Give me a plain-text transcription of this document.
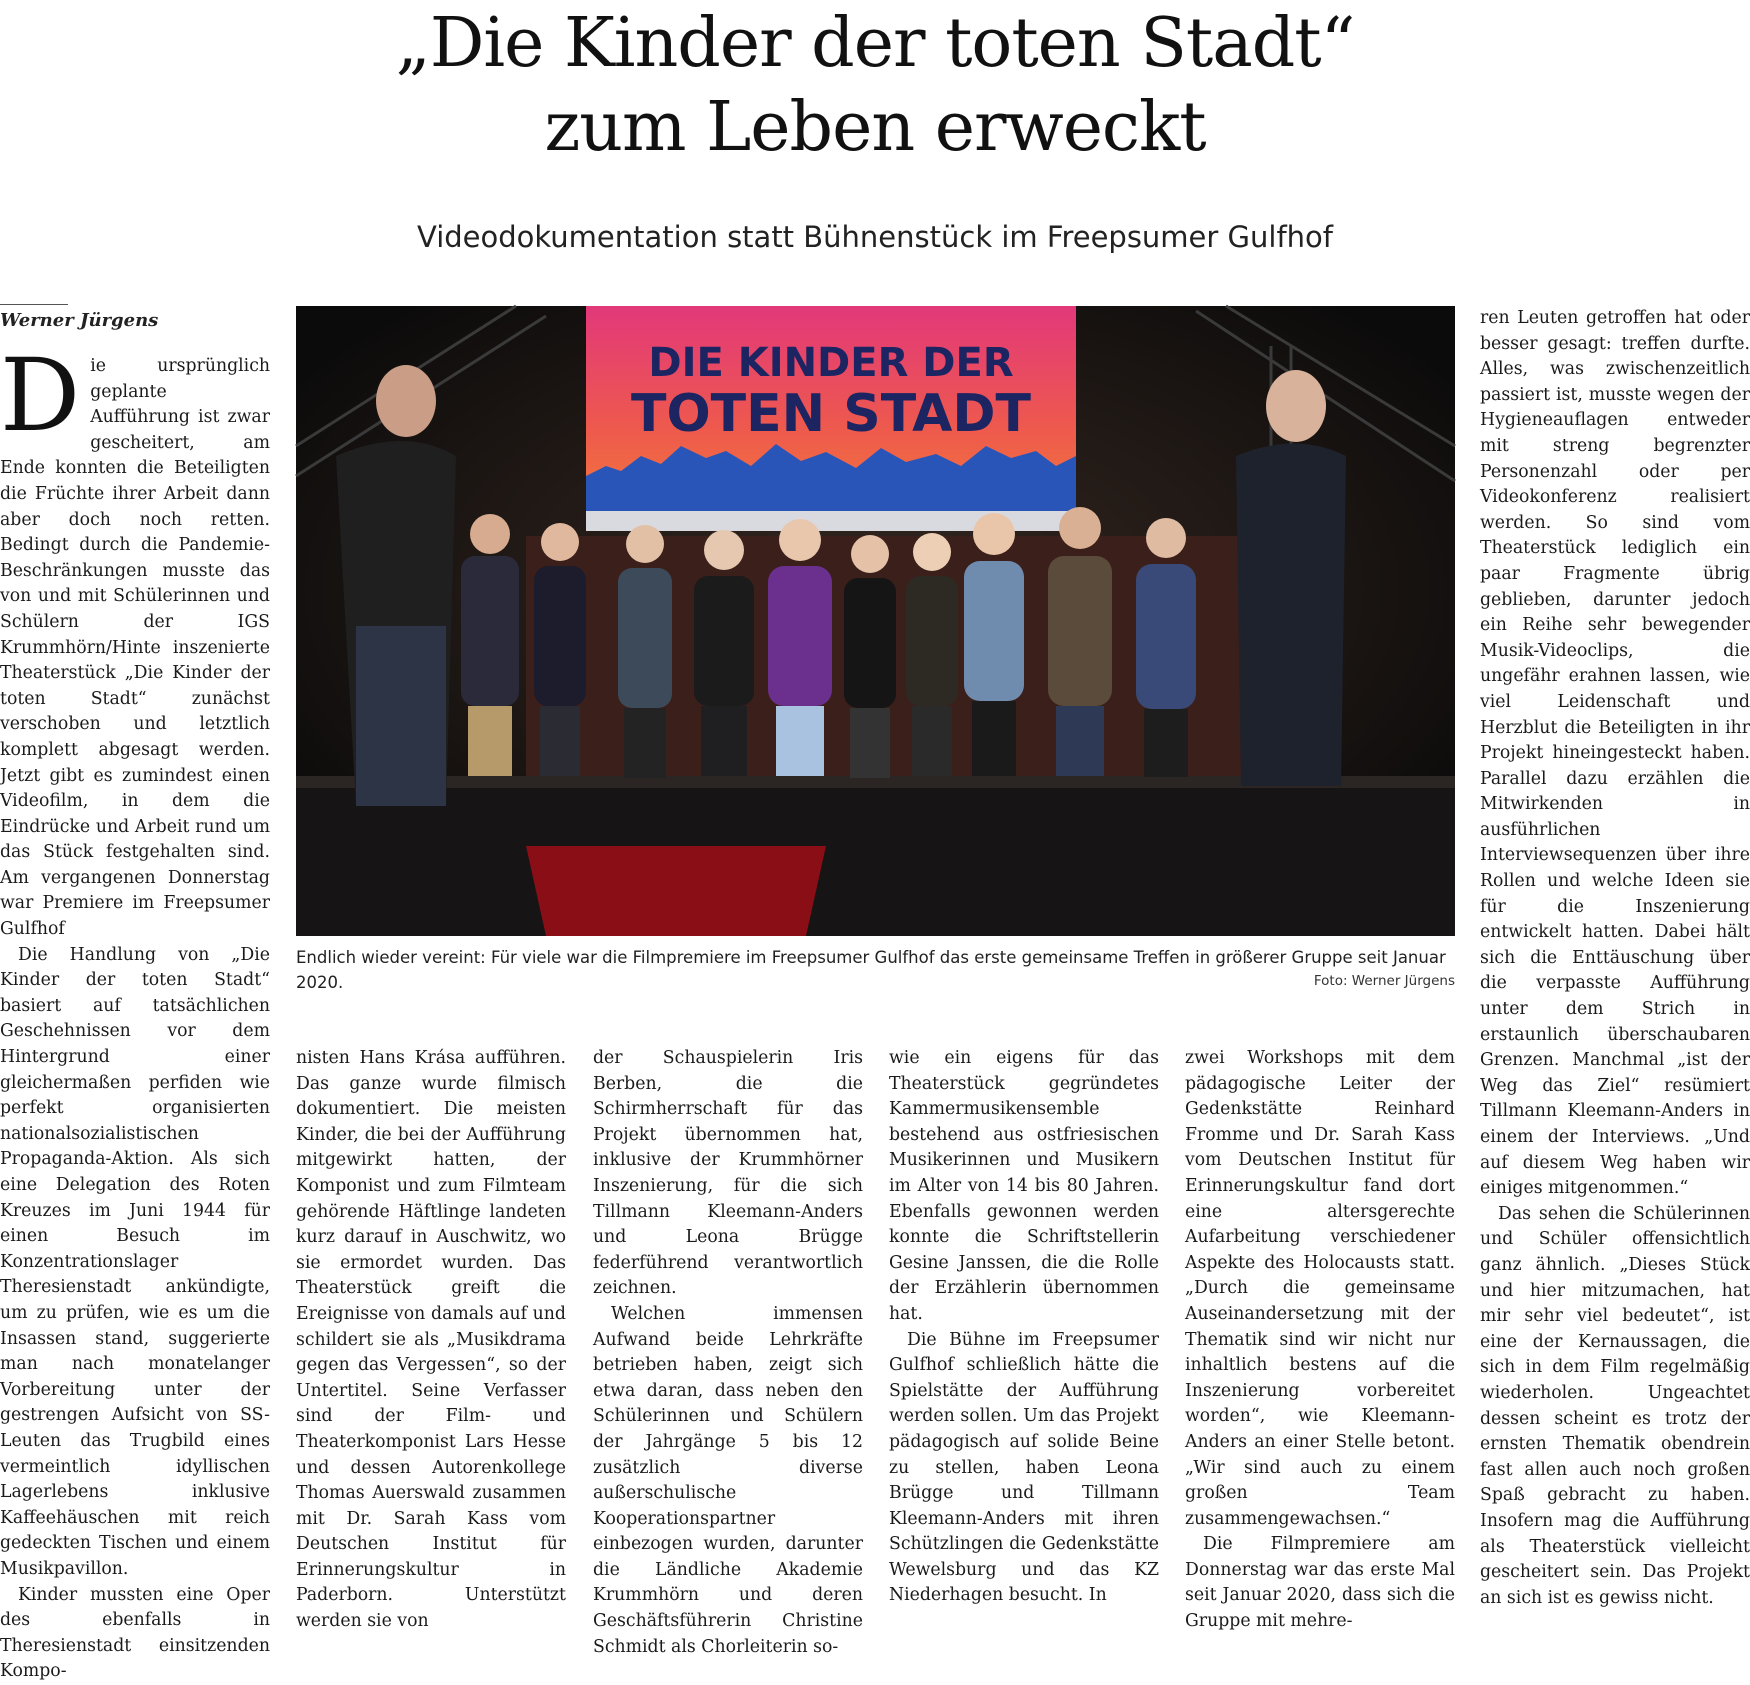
„Die Kinder der toten Stadt“
zum Leben erweckt
Videodokumentation statt Bühnenstück im Freepsumer Gulfhof
Werner Jürgens

Die ursprünglich geplante Aufführung ist zwar gescheitert, am Ende konnten die Beteiligten die Früchte ihrer Arbeit dann aber doch noch retten. Bedingt durch die Pandemie-Beschränkungen musste das von und mit Schülerinnen und Schülern der IGS Krummhörn/Hinte inszenierte Theaterstück „Die Kinder der toten Stadt“ zunächst verschoben und letztlich komplett abgesagt werden. Jetzt gibt es zumindest einen Videofilm, in dem die Eindrücke und Arbeit rund um das Stück festgehalten sind. Am vergangenen Donnerstag war Premiere im Freepsumer Gulfhof

Die Handlung von „Die Kinder der toten Stadt“ basiert auf tatsächlichen Geschehnissen vor dem Hintergrund einer gleichermaßen perfiden wie perfekt organisierten nationalsozialistischen Propaganda-Aktion. Als sich eine Delegation des Roten Kreuzes im Juni 1944 für einen Besuch im Konzentrationslager Theresienstadt ankündigte, um zu prüfen, wie es um die Insassen stand, suggerierte man nach monatelanger Vorbereitung unter der gestrengen Aufsicht von SS-Leuten das Trugbild eines vermeintlich idyllischen Lagerlebens inklusive Kaffeehäuschen mit reich gedeckten Tischen und einem Musikpavillon.

Kinder mussten eine Oper des ebenfalls in Theresienstadt einsitzenden Kompo-

DIE KINDER DER
TOTEN STADT
Endlich wieder vereint: Für viele war die Filmpremiere im Freepsumer Gulfhof das erste gemeinsame Treffen in größerer Gruppe seit Januar 2020.	Foto: Werner Jürgens

nisten Hans Krása aufführen. Das ganze wurde filmisch dokumentiert. Die meisten Kinder, die bei der Aufführung mitgewirkt hatten, der Komponist und zum Filmteam gehörende Häftlinge landeten kurz darauf in Auschwitz, wo sie ermordet wurden. Das Theaterstück greift die Ereignisse von damals auf und schildert sie als „Musikdrama gegen das Vergessen“, so der Untertitel. Seine Verfasser sind der Film- und Theaterkomponist Lars Hesse und dessen Autorenkollege Thomas Auerswald zusammen mit Dr. Sarah Kass vom Deutschen Institut für Erinnerungskultur in Paderborn. Unterstützt werden sie von

der Schauspielerin Iris Berben, die die Schirmherrschaft für das Projekt übernommen hat, inklusive der Krummhörner Inszenierung, für die sich Tillmann Kleemann-Anders und Leona Brügge federführend verantwortlich zeichnen.

Welchen immensen Aufwand beide Lehrkräfte betrieben haben, zeigt sich etwa daran, dass neben den Schülerinnen und Schülern der Jahrgänge 5 bis 12 zusätzlich diverse außerschulische Kooperationspartner einbezogen wurden, darunter die Ländliche Akademie Krummhörn und deren Geschäftsführerin Christine Schmidt als Chorleiterin so-

wie ein eigens für das Theaterstück gegründetes Kammermusikensemble bestehend aus ostfriesischen Musikerinnen und Musikern im Alter von 14 bis 80 Jahren. Ebenfalls gewonnen werden konnte die Schriftstellerin Gesine Janssen, die die Rolle der Erzählerin übernommen hat.

Die Bühne im Freepsumer Gulfhof schließlich hätte die Spielstätte der Aufführung werden sollen. Um das Projekt pädagogisch auf solide Beine zu stellen, haben Leona Brügge und Tillmann Kleemann-Anders mit ihren Schützlingen die Gedenkstätte Wewelsburg und das KZ Niederhagen besucht. In

zwei Workshops mit dem pädagogische Leiter der Gedenkstätte Reinhard Fromme und Dr. Sarah Kass vom Deutschen Institut für Erinnerungskultur fand dort eine altersgerechte Aufarbeitung verschiedener Aspekte des Holocausts statt. „Durch die gemeinsame Auseinandersetzung mit der Thematik sind wir nicht nur inhaltlich bestens auf die Inszenierung vorbereitet worden“, wie Kleemann-Anders an einer Stelle betont. „Wir sind auch zu einem großen Team zusammengewachsen.“

Die Filmpremiere am Donnerstag war das erste Mal seit Januar 2020, dass sich die Gruppe mit mehre-

ren Leuten getroffen hat oder besser gesagt: treffen durfte. Alles, was zwischenzeitlich passiert ist, musste wegen der Hygieneauflagen entweder mit streng begrenzter Personenzahl oder per Videokonferenz realisiert werden. So sind vom Theaterstück lediglich ein paar Fragmente übrig geblieben, darunter jedoch ein Reihe sehr bewegender Musik-Videoclips, die ungefähr erahnen lassen, wie viel Leidenschaft und Herzblut die Beteiligten in ihr Projekt hineingesteckt haben. Parallel dazu erzählen die Mitwirkenden in ausführlichen Interviewsequenzen über ihre Rollen und welche Ideen sie für die Inszenierung entwickelt hatten. Dabei hält sich die Enttäuschung über die verpasste Aufführung unter dem Strich in erstaunlich überschaubaren Grenzen. Manchmal „ist der Weg das Ziel“ resümiert Tillmann Kleemann-Anders in einem der Interviews. „Und auf diesem Weg haben wir einiges mitgenommen.“

Das sehen die Schülerinnen und Schüler offensichtlich ganz ähnlich. „Dieses Stück und hier mitzumachen, hat mir sehr viel bedeutet“, ist eine der Kernaussagen, die sich in dem Film regelmäßig wiederholen. Ungeachtet dessen scheint es trotz der ernsten Thematik obendrein fast allen auch noch großen Spaß gebracht zu haben. Insofern mag die Aufführung als Theaterstück vielleicht gescheitert sein. Das Projekt an sich ist es gewiss nicht.
